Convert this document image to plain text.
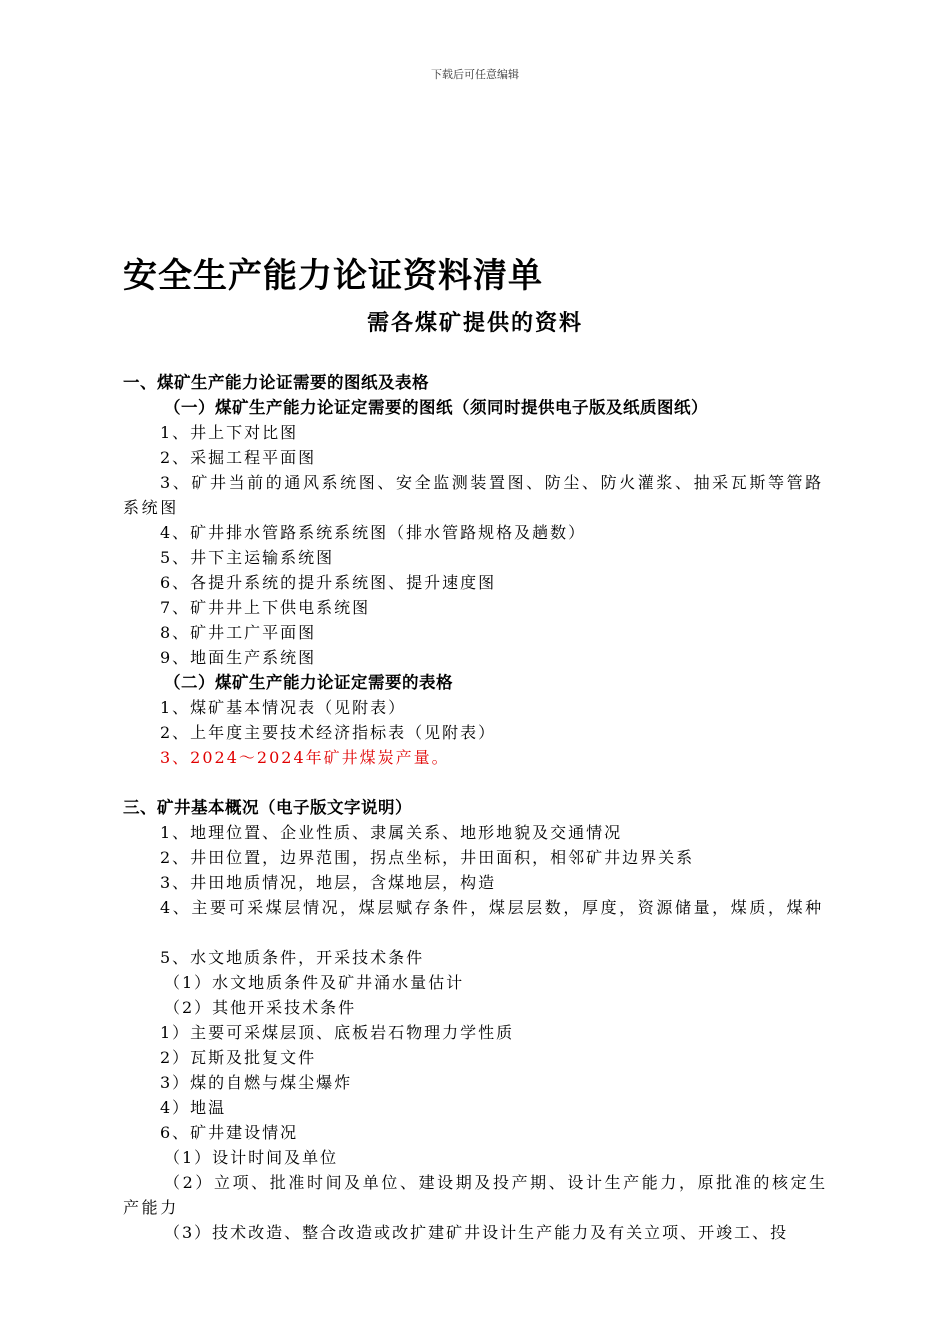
下载后可任意编辑
安全生产能力论证资料清单
需各煤矿提供的资料
一、煤矿生产能力论证需要的图纸及表格
（一）煤矿生产能力论证定需要的图纸（须同时提供电子版及纸质图纸）
1、井上下对比图
2、采掘工程平面图
3、矿井当前的通风系统图、安全监测装置图、防尘、防火灌浆、抽采瓦斯等管路系统图
4、矿井排水管路系统系统图（排水管路规格及趟数）
5、井下主运输系统图
6、各提升系统的提升系统图、提升速度图
7、矿井井上下供电系统图
8、矿井工广平面图
9、地面生产系统图
（二）煤矿生产能力论证定需要的表格
1、煤矿基本情况表（见附表）
2、上年度主要技术经济指标表（见附表）
3、2024～2024年矿井煤炭产量。
三、矿井基本概况（电子版文字说明）
1、地理位置、企业性质、隶属关系、地形地貌及交通情况
2、井田位置，边界范围，拐点坐标，井田面积，相邻矿井边界关系
3、井田地质情况，地层，含煤地层，构造
4、主要可采煤层情况，煤层赋存条件，煤层层数，厚度，资源储量，煤质，煤种
5、水文地质条件，开采技术条件
（1）水文地质条件及矿井涌水量估计
（2）其他开采技术条件
1）主要可采煤层顶、底板岩石物理力学性质
2）瓦斯及批复文件
3）煤的自燃与煤尘爆炸
4）地温
6、矿井建设情况
（1）设计时间及单位
（2）立项、批准时间及单位、建设期及投产期、设计生产能力，原批准的核定生产能力
（3）技术改造、整合改造或改扩建矿井设计生产能力及有关立项、开竣工、投
